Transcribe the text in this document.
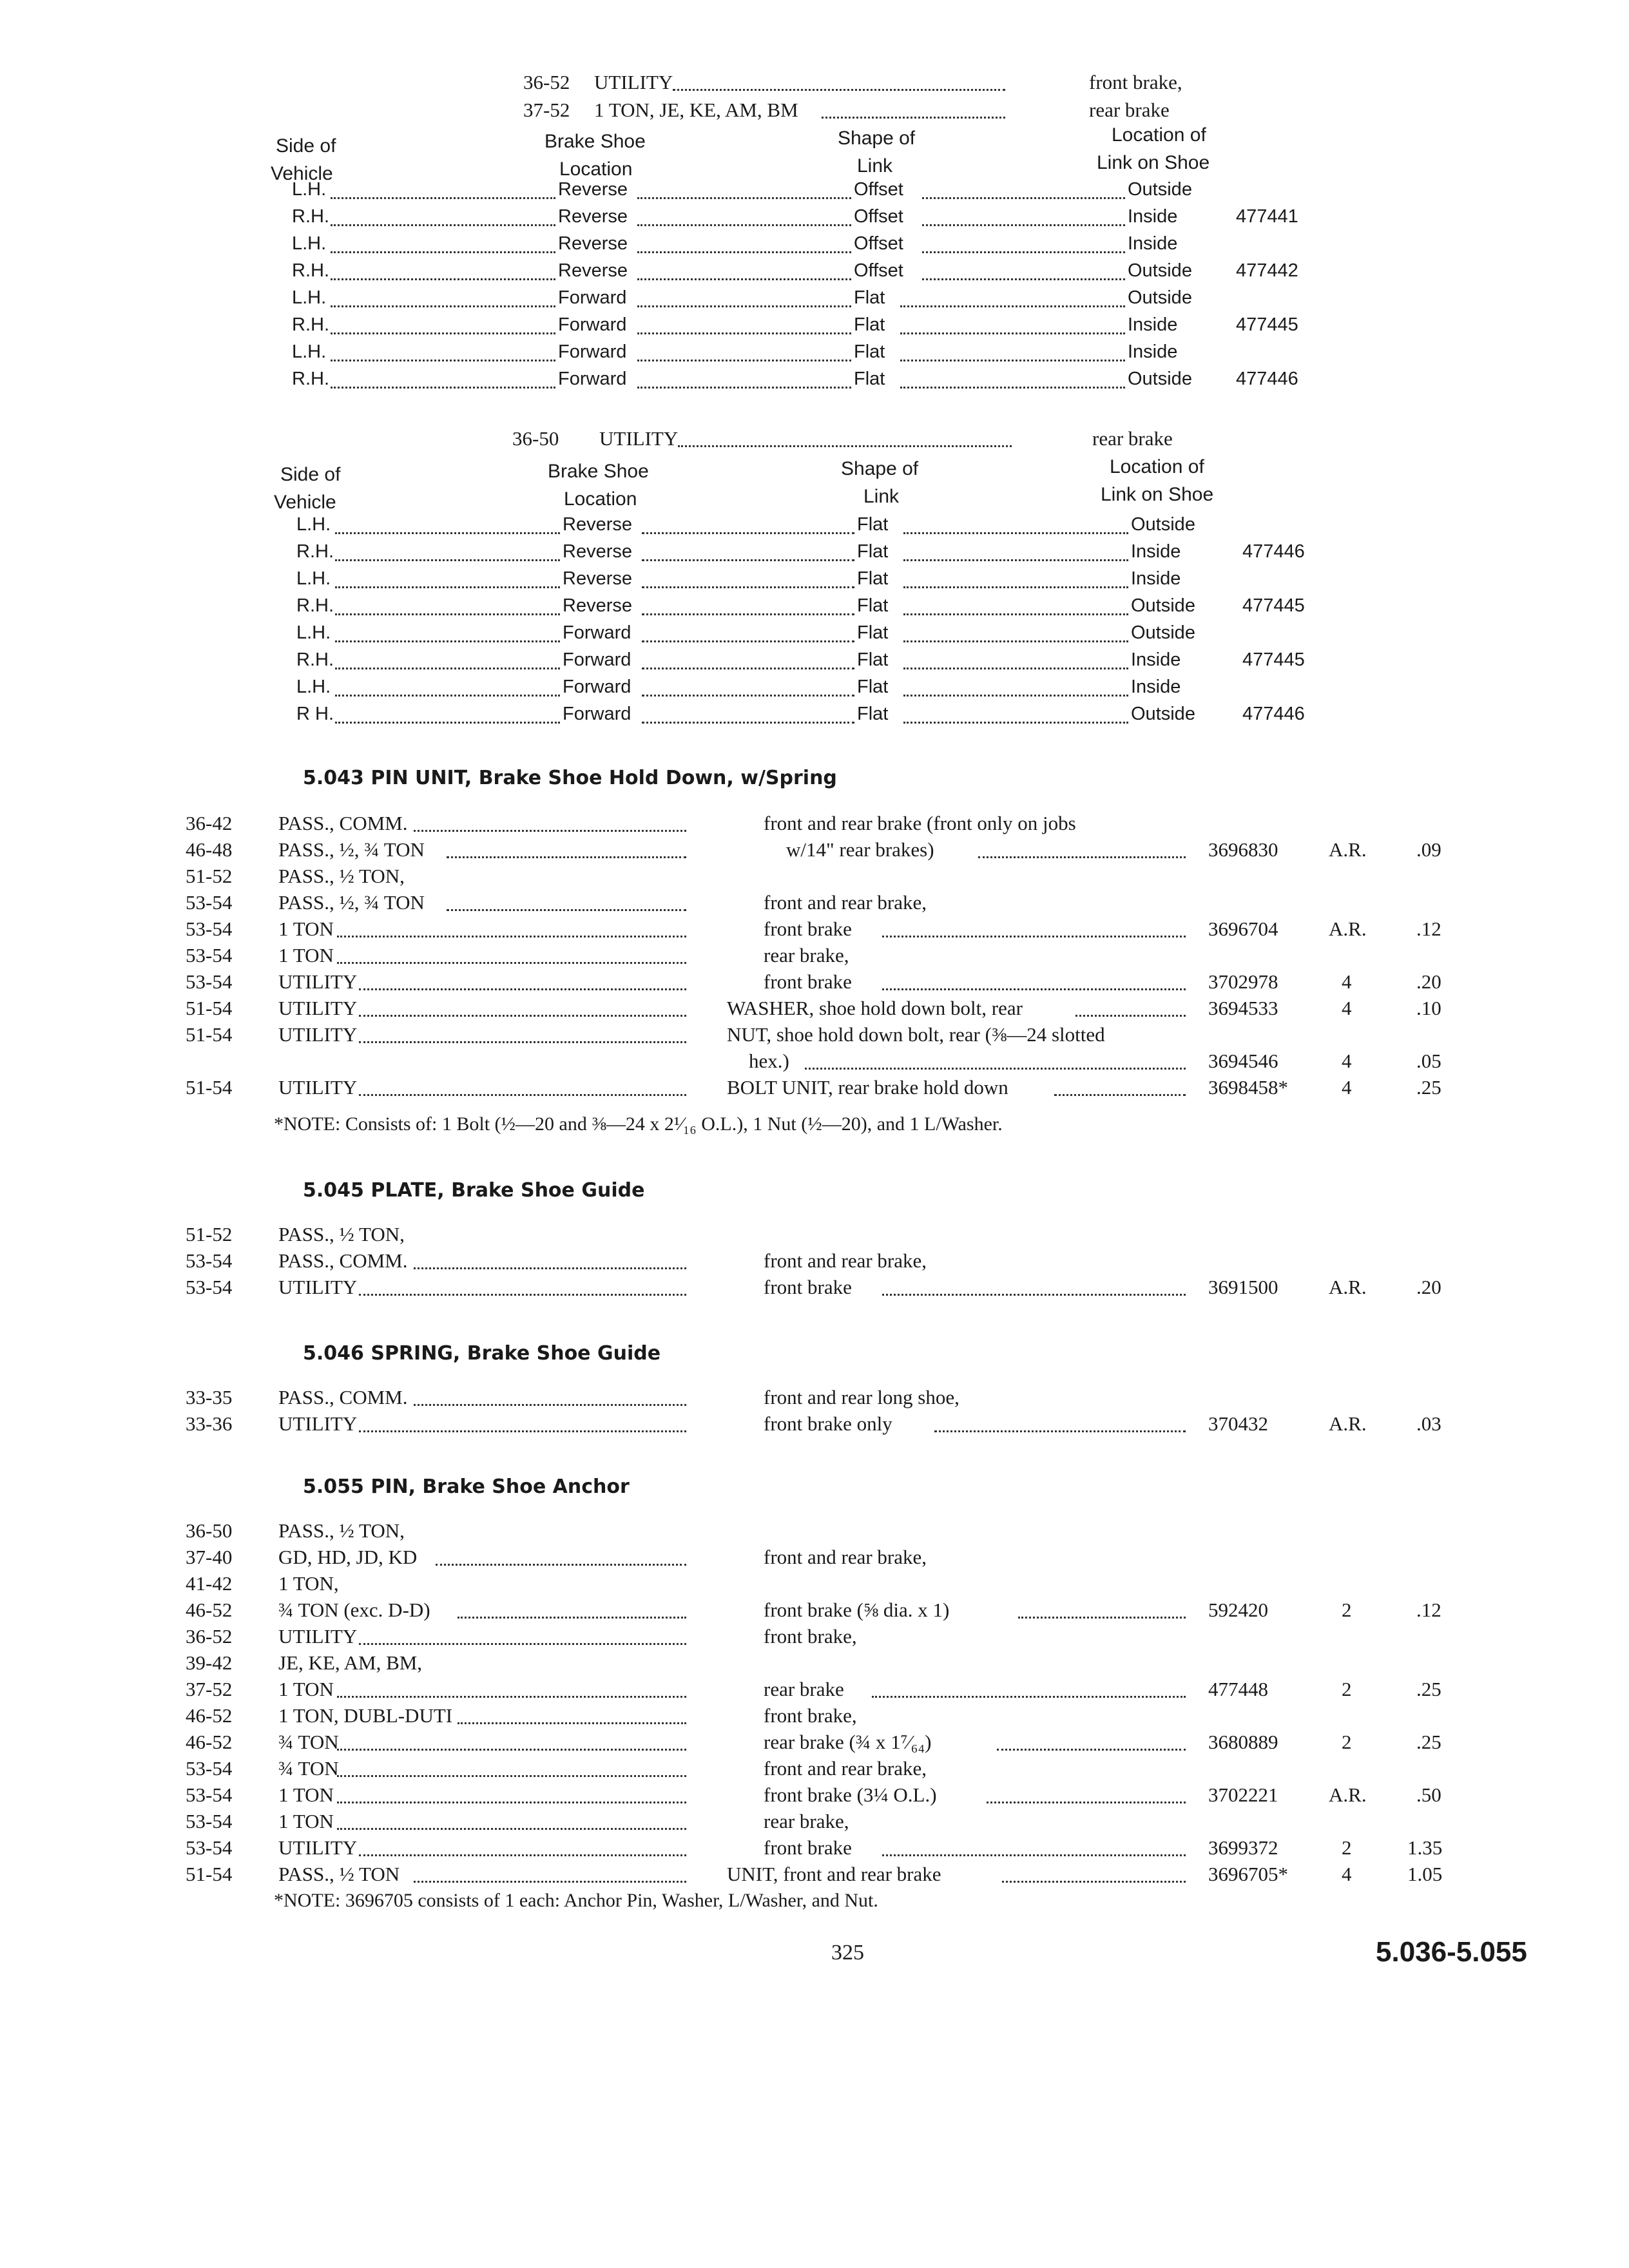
36-52 UTILITY	front brake,
37-52 1 TON, JE, KE, AM, BM	rear brake
Side of
Vehicle
Brake Shoe
Location
Shape of
Link
Location of
Link on Shoe
L.H.	Reverse	Offset	Outside
R.H.	Reverse	Offset	Inside	477441
L.H.	Reverse	Offset	Inside
R.H.	Reverse	Offset	Outside 477442
L.H.	Forward	Flat	Outside
R.H.	Forward	Flat	Inside	477445
L.H.	Forward	Flat	Inside
R.H.	Forward	Flat	Outside 477446
36-50 UTILITY	rear brake
Side of
Vehicle
Brake Shoe
Location
Shape of
Link
Location of
Link on Shoe
L.H.	Reverse	Flat	Outside
R.H.	Reverse	Flat	Inside	477446
L.H.	Reverse	Flat	Inside
R.H.	Reverse	Flat	Outside	477445
L.H.	Forward	Flat	Outside
R.H.	Forward	Flat	Inside	477445
L.H.	Forward	Flat	Inside
R H.	Forward	Flat	Outside	477446
5.043 PIN UNIT, Brake Shoe Hold Down, w/Spring
36-42 PASS., COMM.	front and rear brake (front only on jobs
46-48 PASS., ½, ¾ TON	w/14" rear brakes)	3696830	A.R. .09
51-52 PASS., ½ TON,
53-54 PASS., ½, ¾ TON	front and rear brake,
53-54 1 TON	front brake	3696704	A.R. .12
53-54 1 TON	rear brake,
53-54 UTILITY	front brake	3702978	4	.20
51-54 UTILITY	WASHER, shoe hold down bolt, rear	3694533	4	.10
51-54 UTILITY	NUT, shoe hold down bolt, rear (⅜—24 slotted
hex.)	3694546	4	.05
51-54 UTILITY	BOLT UNIT, rear brake hold down	3698458*	4	.25
*NOTE: Consists of: 1 Bolt (½—20 and ⅜—24 x 2¹⁄₁₆ O.L.), 1 Nut (½—20), and 1 L/Washer.
5.045 PLATE, Brake Shoe Guide
51-52 PASS., ½ TON,
53-54 PASS., COMM.	front and rear brake,
53-54 UTILITY	front brake	3691500	A.R. .20
5.046 SPRING, Brake Shoe Guide
33-35 PASS., COMM.	front and rear long shoe,
33-36 UTILITY	front brake only	370432	A.R. .03
5.055 PIN, Brake Shoe Anchor
36-50 PASS., ½ TON,
37-40 GD, HD, JD, KD	front and rear brake,
41-42 1 TON,
46-52 ¾ TON (exc. D-D)	front brake (⅝ dia. x 1)	592420	2	.12
36-52 UTILITY	front brake,
39-42 JE, KE, AM, BM,
37-52 1 TON	rear brake	477448	2	.25
46-52 1 TON, DUBL-DUTI	front brake,
46-52 ¾ TON	rear brake (¾ x 1⁷⁄₆₄)	3680889	2	.25
53-54 ¾ TON	front and rear brake,
53-54 1 TON	front brake (3¼ O.L.)	3702221	A.R. .50
53-54 1 TON	rear brake,
53-54 UTILITY	front brake	3699372	2	1.35
51-54 PASS., ½ TON	UNIT, front and rear brake	3696705*	4	1.05
*NOTE: 3696705 consists of 1 each: Anchor Pin, Washer, L/Washer, and Nut.
325	5.036-5.055
